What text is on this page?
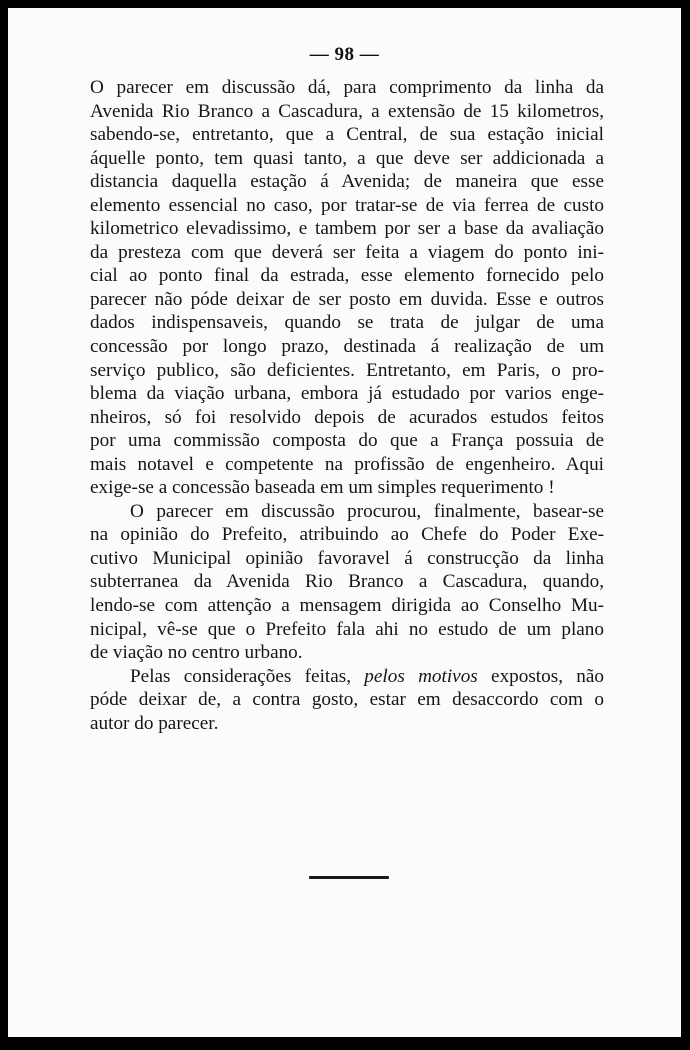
— 98 —
O parecer em discussão dá, para comprimento da linha da
Avenida Rio Branco a Cascadura, a extensão de 15 kilometros,
sabendo-se, entretanto, que a Central, de sua estação inicial
áquelle ponto, tem quasi tanto, a que deve ser addicionada a
distancia daquella estação á Avenida; de maneira que esse
elemento essencial no caso, por tratar-se de via ferrea de custo
kilometrico elevadissimo, e tambem por ser a base da avaliação
da presteza com que deverá ser feita a viagem do ponto ini-
cial ao ponto final da estrada, esse elemento fornecido pelo
parecer não póde deixar de ser posto em duvida. Esse e outros
dados indispensaveis, quando se trata de julgar de uma
concessão por longo prazo, destinada á realização de um
serviço publico, são deficientes. Entretanto, em Paris, o pro-
blema da viação urbana, embora já estudado por varios enge-
nheiros, só foi resolvido depois de acurados estudos feitos
por uma commissão composta do que a França possuia de
mais notavel e competente na profissão de engenheiro. Aqui
exige-se a concessão baseada em um simples requerimento !
O parecer em discussão procurou, finalmente, basear-se
na opinião do Prefeito, atribuindo ao Chefe do Poder Exe-
cutivo Municipal opinião favoravel á construcção da linha
subterranea da Avenida Rio Branco a Cascadura, quando,
lendo-se com attenção a mensagem dirigida ao Conselho Mu-
nicipal, vê-se que o Prefeito fala ahi no estudo de um plano
de viação no centro urbano.
Pelas considerações feitas, pelos motivos expostos, não
póde deixar de, a contra gosto, estar em desaccordo com o
autor do parecer.
